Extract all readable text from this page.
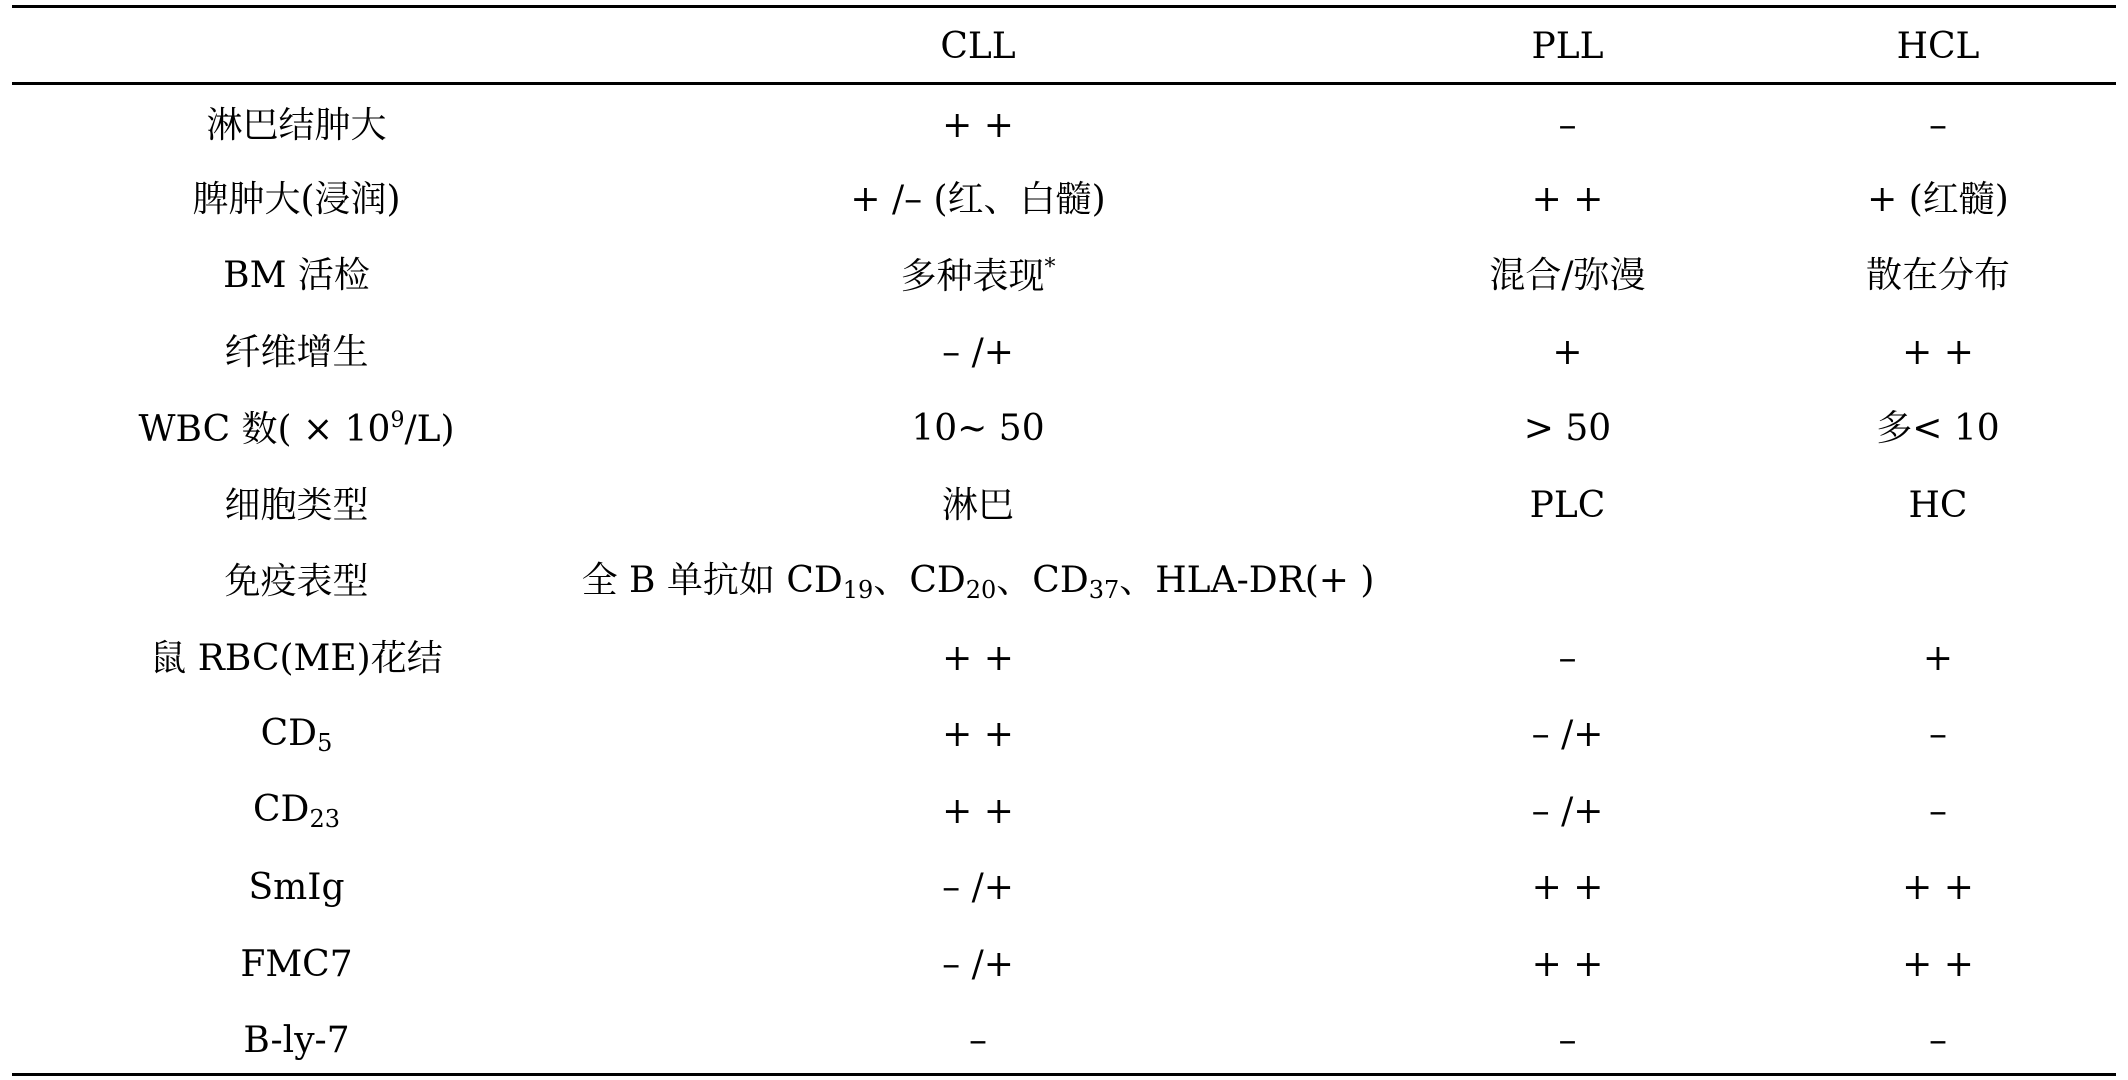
	CLL	PLL	HCL
淋巴结肿大	+ +	–	–
脾肿大(浸润)	+ /– (红、白髓)	+ +	+ (红髓)
BM 活检	多种表现*	混合/弥漫	散在分布
纤维增生	– /+	+	+ +
WBC 数( × $10^9/L$)	10~ 50	> 50	多< 10
细胞类型	淋巴	PLC	HC
免疫表型	全 B 单抗如 $CD_{19}$、$CD_{20}$、$CD_{37}$、HLA-DR(+ )		
鼠 RBC(ME)花结	+ +	–	+
$CD_5$	+ +	– /+	–
$CD_{23}$	+ +	– /+	–
SmIg	– /+	+ +	+ +
FMC7	– /+	+ +	+ +
B-ly-7	–	–	–
